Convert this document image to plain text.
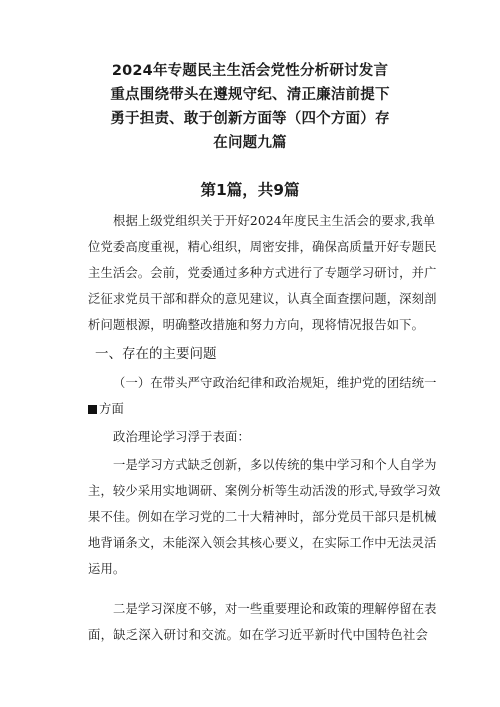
2024年专题民主生活会党性分析研讨发言
重点围绕带头在遵规守纪、清正廉洁前提下
勇于担责、敢于创新方面等（四个方面）存
在问题九篇
第1篇，共9篇
根据上级党组织关于开好2024年度民主生活会的要求,我单
位党委高度重视，精心组织，周密安排，确保高质量开好专题民
主生活会。会前，党委通过多种方式进行了专题学习研讨，并广
泛征求党员干部和群众的意见建议，认真全面查摆问题，深刻剖
析问题根源，明确整改措施和努力方向，现将情况报告如下。
一、存在的主要问题
（一）在带头严守政治纪律和政治规矩，维护党的团结统一
方面
政治理论学习浮于表面：
一是学习方式缺乏创新，多以传统的集中学习和个人自学为
主，较少采用实地调研、案例分析等生动活泼的形式,导致学习效
果不佳。例如在学习党的二十大精神时，部分党员干部只是机械
地背诵条文，未能深入领会其核心要义，在实际工作中无法灵活
运用。
二是学习深度不够，对一些重要理论和政策的理解停留在表
面，缺乏深入研讨和交流。如在学习近平新时代中国特色社会
